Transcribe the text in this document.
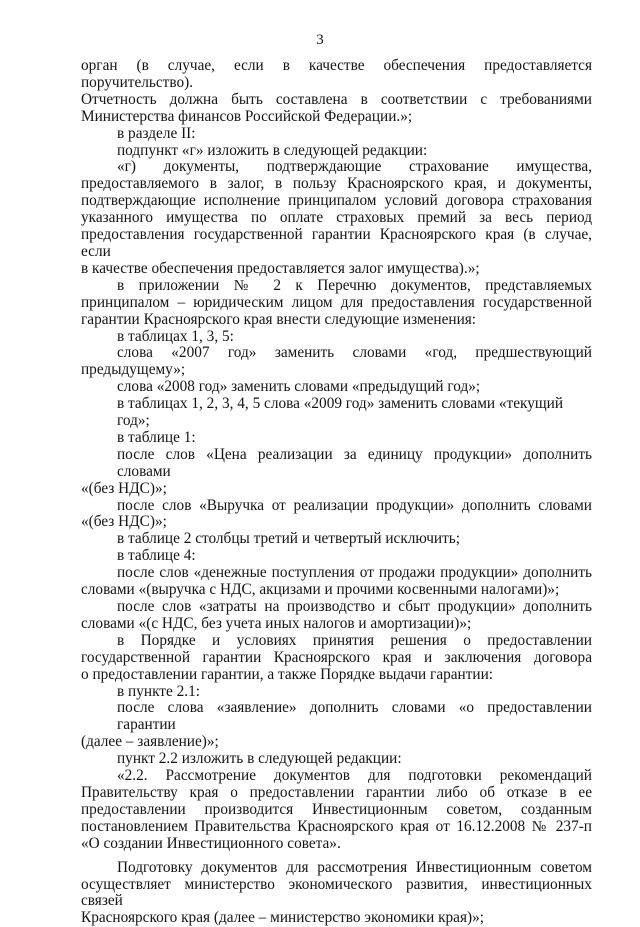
3

орган (в случае, если в качестве обеспечения предоставляется поручительство).

Отчетность должна быть составлена в соответствии с требованиями

Министерства финансов Российской Федерации.»;

в разделе II:

подпункт «г» изложить в следующей редакции:

«г) документы, подтверждающие страхование имущества,

предоставляемого в залог, в пользу Красноярского края, и документы,

подтверждающие исполнение принципалом условий договора страхования

указанного имущества по оплате страховых премий за весь период

предоставления государственной гарантии Красноярского края (в случае, если

в качестве обеспечения предоставляется залог имущества).»;

в приложении № 2 к Перечню документов, представляемых

принципалом – юридическим лицом для предоставления государственной

гарантии Красноярского края внести следующие изменения:

в таблицах 1, 3, 5:

слова «2007 год» заменить словами «год, предшествующий

предыдущему»;

слова «2008 год» заменить словами «предыдущий год»;

в таблицах 1, 2, 3, 4, 5 слова «2009 год» заменить словами «текущий год»;

в таблице 1:

после слов «Цена реализации за единицу продукции» дополнить словами

«(без НДС)»;

после слов «Выручка от реализации продукции» дополнить словами

«(без НДС)»;

в таблице 2 столбцы третий и четвертый исключить;

в таблице 4:

после слов «денежные поступления от продажи продукции» дополнить

словами «(выручка с НДС, акцизами и прочими косвенными налогами)»;

после слов «затраты на производство и сбыт продукции» дополнить

словами «(с НДС, без учета иных налогов и амортизации)»;

в Порядке и условиях принятия решения о предоставлении

государственной гарантии Красноярского края и заключения договора

о предоставлении гарантии, а также Порядке выдачи гарантии:

в пункте 2.1:

после слова «заявление» дополнить словами «о предоставлении гарантии

(далее – заявление)»;

пункт 2.2 изложить в следующей редакции:

«2.2. Рассмотрение документов для подготовки рекомендаций

Правительству края о предоставлении гарантии либо об отказе в ее

предоставлении производится Инвестиционным советом, созданным

постановлением Правительства Красноярского края от 16.12.2008 № 237-п

«О создании Инвестиционного совета».

Подготовку документов для рассмотрения Инвестиционным советом

осуществляет министерство экономического развития, инвестиционных связей

Красноярского края (далее – министерство экономики края)»;
